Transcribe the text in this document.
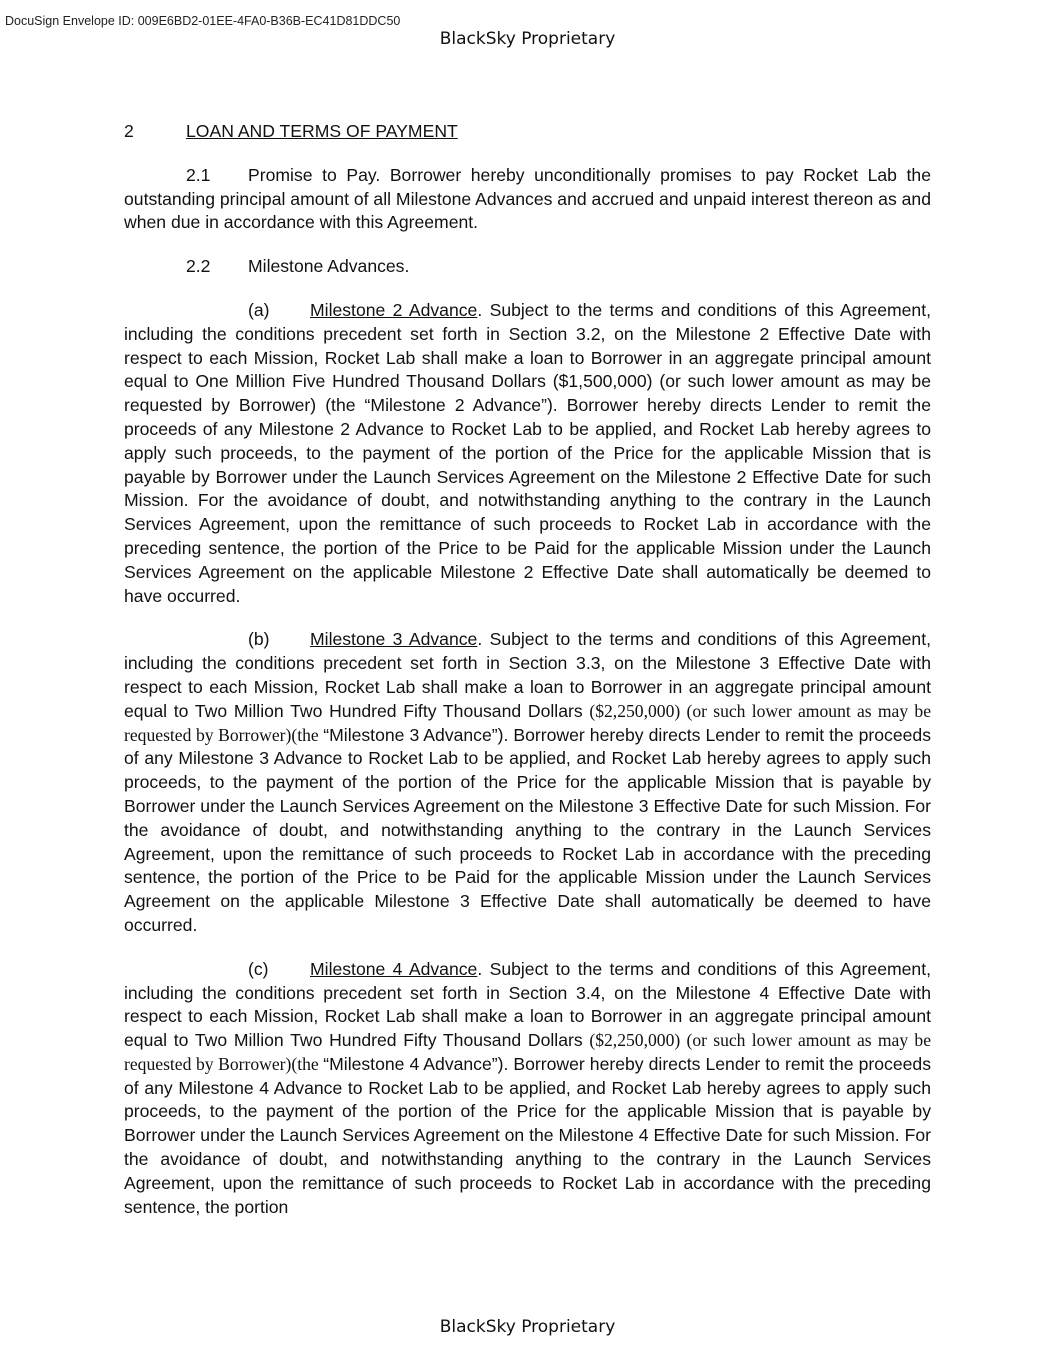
DocuSign Envelope ID: 009E6BD2-01EE-4FA0-B36B-EC41D81DDC50
BlackSky Proprietary
2	LOAN AND TERMS OF PAYMENT

2.1 Promise to Pay. Borrower hereby unconditionally promises to pay Rocket Lab the outstanding principal amount of all Milestone Advances and accrued and unpaid interest thereon as and when due in accordance with this Agreement.

2.2 Milestone Advances.

(a) Milestone 2 Advance. Subject to the terms and conditions of this Agreement, including the conditions precedent set forth in Section 3.2, on the Milestone 2 Effective Date with respect to each Mission, Rocket Lab shall make a loan to Borrower in an aggregate principal amount equal to One Million Five Hundred Thousand Dollars ($1,500,000) (or such lower amount as may be requested by Borrower) (the “Milestone 2 Advance”). Borrower hereby directs Lender to remit the proceeds of any Milestone 2 Advance to Rocket Lab to be applied, and Rocket Lab hereby agrees to apply such proceeds, to the payment of the portion of the Price for the applicable Mission that is payable by Borrower under the Launch Services Agreement on the Milestone 2 Effective Date for such Mission. For the avoidance of doubt, and notwithstanding anything to the contrary in the Launch Services Agreement, upon the remittance of such proceeds to Rocket Lab in accordance with the preceding sentence, the portion of the Price to be Paid for the applicable Mission under the Launch Services Agreement on the applicable Milestone 2 Effective Date shall automatically be deemed to have occurred.

(b) Milestone 3 Advance. Subject to the terms and conditions of this Agreement, including the conditions precedent set forth in Section 3.3, on the Milestone 3 Effective Date with respect to each Mission, Rocket Lab shall make a loan to Borrower in an aggregate principal amount equal to Two Million Two Hundred Fifty Thousand Dollars ($2,250,000) (or such lower amount as may be requested by Borrower)(the “Milestone 3 Advance”). Borrower hereby directs Lender to remit the proceeds of any Milestone 3 Advance to Rocket Lab to be applied, and Rocket Lab hereby agrees to apply such proceeds, to the payment of the portion of the Price for the applicable Mission that is payable by Borrower under the Launch Services Agreement on the Milestone 3 Effective Date for such Mission. For the avoidance of doubt, and notwithstanding anything to the contrary in the Launch Services Agreement, upon the remittance of such proceeds to Rocket Lab in accordance with the preceding sentence, the portion of the Price to be Paid for the applicable Mission under the Launch Services Agreement on the applicable Milestone 3 Effective Date shall automatically be deemed to have occurred.

(c) Milestone 4 Advance. Subject to the terms and conditions of this Agreement, including the conditions precedent set forth in Section 3.4, on the Milestone 4 Effective Date with respect to each Mission, Rocket Lab shall make a loan to Borrower in an aggregate principal amount equal to Two Million Two Hundred Fifty Thousand Dollars ($2,250,000) (or such lower amount as may be requested by Borrower)(the “Milestone 4 Advance”). Borrower hereby directs Lender to remit the proceeds of any Milestone 4 Advance to Rocket Lab to be applied, and Rocket Lab hereby agrees to apply such proceeds, to the payment of the portion of the Price for the applicable Mission that is payable by Borrower under the Launch Services Agreement on the Milestone 4 Effective Date for such Mission. For the avoidance of doubt, and notwithstanding anything to the contrary in the Launch Services Agreement, upon the remittance of such proceeds to Rocket Lab in accordance with the preceding sentence, the portion

BlackSky Proprietary
